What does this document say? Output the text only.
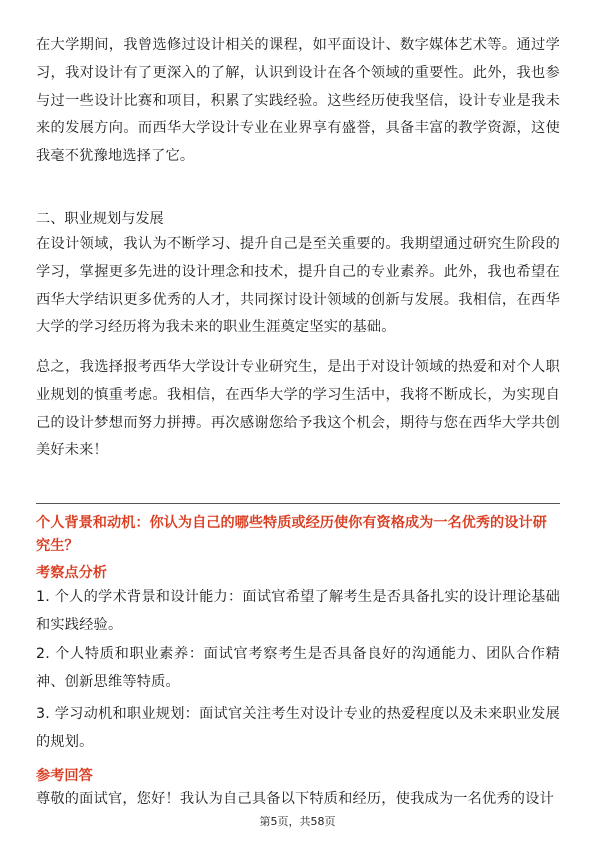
在大学期间，我曾选修过设计相关的课程，如平面设计、数字媒体艺术等。通过学习，我对设计有了更深入的了解，认识到设计在各个领域的重要性。此外，我也参与过一些设计比赛和项目，积累了实践经验。这些经历使我坚信，设计专业是我未来的发展方向。而西华大学设计专业在业界享有盛誉，具备丰富的教学资源，这使我毫不犹豫地选择了它。

二、职业规划与发展

在设计领域，我认为不断学习、提升自己是至关重要的。我期望通过研究生阶段的学习，掌握更多先进的设计理念和技术，提升自己的专业素养。此外，我也希望在西华大学结识更多优秀的人才，共同探讨设计领域的创新与发展。我相信，在西华大学的学习经历将为我未来的职业生涯奠定坚实的基础。

总之，我选择报考西华大学设计专业研究生，是出于对设计领域的热爱和对个人职业规划的慎重考虑。我相信，在西华大学的学习生活中，我将不断成长，为实现自己的设计梦想而努力拼搏。再次感谢您给予我这个机会，期待与您在西华大学共创美好未来！

个人背景和动机：你认为自己的哪些特质或经历使你有资格成为一名优秀的设计研究生？

考察点分析

1. 个人的学术背景和设计能力：面试官希望了解考生是否具备扎实的设计理论基础和实践经验。

2. 个人特质和职业素养：面试官考察考生是否具备良好的沟通能力、团队合作精神、创新思维等特质。

3. 学习动机和职业规划：面试官关注考生对设计专业的热爱程度以及未来职业发展的规划。

参考回答

尊敬的面试官，您好！我认为自己具备以下特质和经历，使我成为一名优秀的设计

第5页，共58页
